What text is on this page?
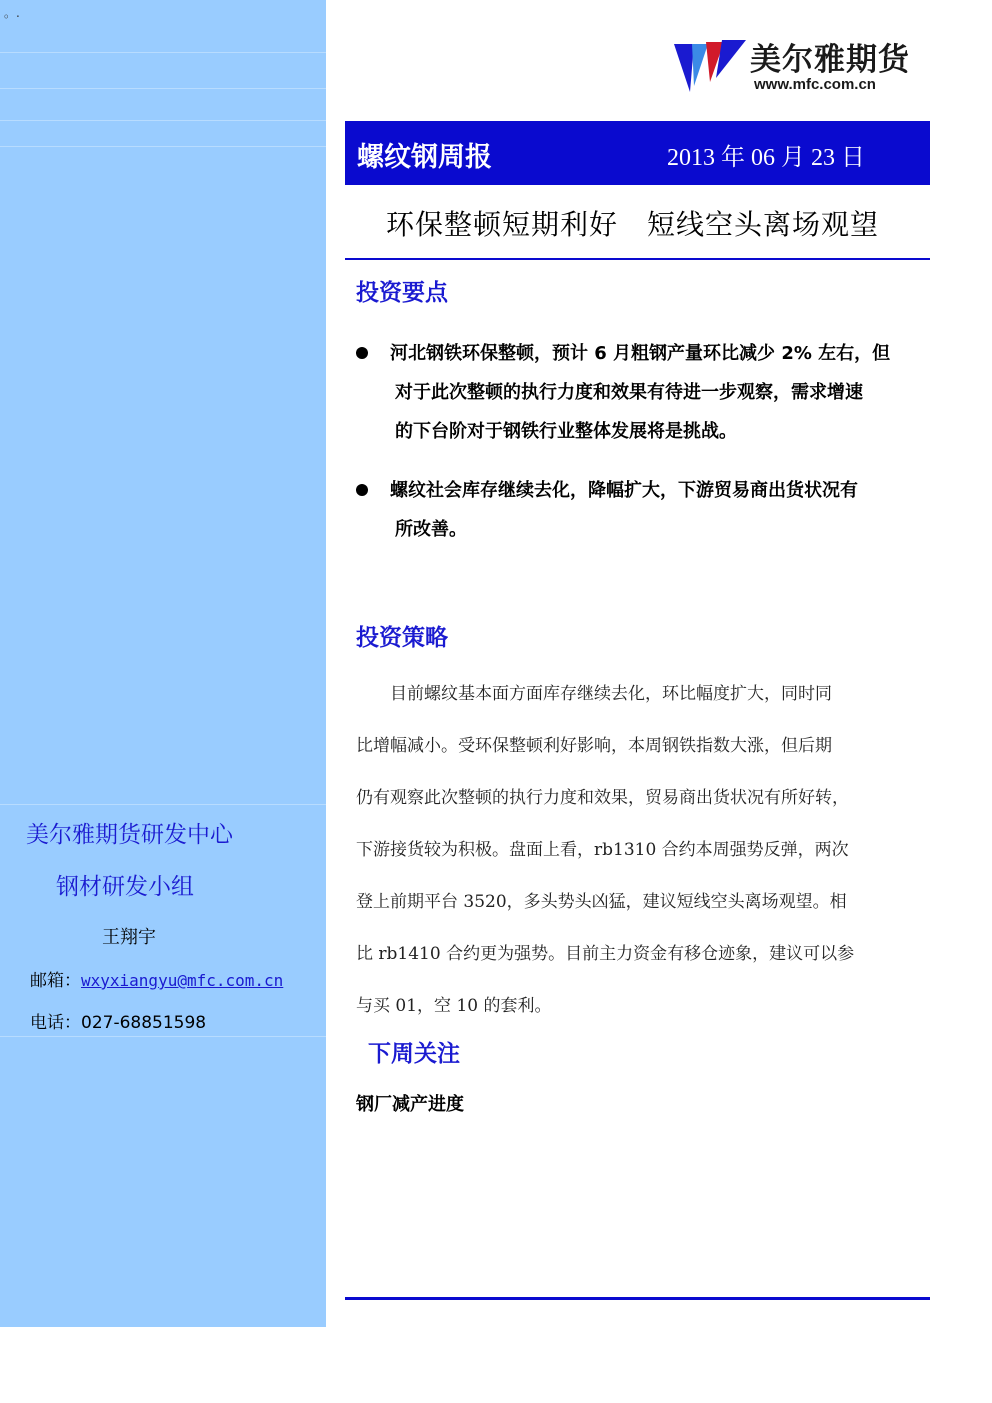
。.
美尔雅期货研发中心
钢材研发小组
王翔宇
邮箱：wxyxiangyu@mfc.com.cn
电话：027-68851598
美尔雅期货
www.mfc.com.cn
螺纹钢周报	2013 年 06 月 23 日
环保整顿短期利好　短线空头离场观望
投资要点
河北钢铁环保整顿，预计 6 月粗钢产量环比减少 2% 左右，但
对于此次整顿的执行力度和效果有待进一步观察，需求增速
的下台阶对于钢铁行业整体发展将是挑战。
螺纹社会库存继续去化，降幅扩大，下游贸易商出货状况有
所改善。
投资策略
　　目前螺纹基本面方面库存继续去化，环比幅度扩大，同时同
比增幅减小。受环保整顿利好影响，本周钢铁指数大涨，但后期
仍有观察此次整顿的执行力度和效果，贸易商出货状况有所好转，
下游接货较为积极。盘面上看，rb1310 合约本周强势反弹，两次
登上前期平台 3520，多头势头凶猛，建议短线空头离场观望。相
比 rb1410 合约更为强势。目前主力资金有移仓迹象，建议可以参
与买 01，空 10 的套利。
下周关注
钢厂减产进度
